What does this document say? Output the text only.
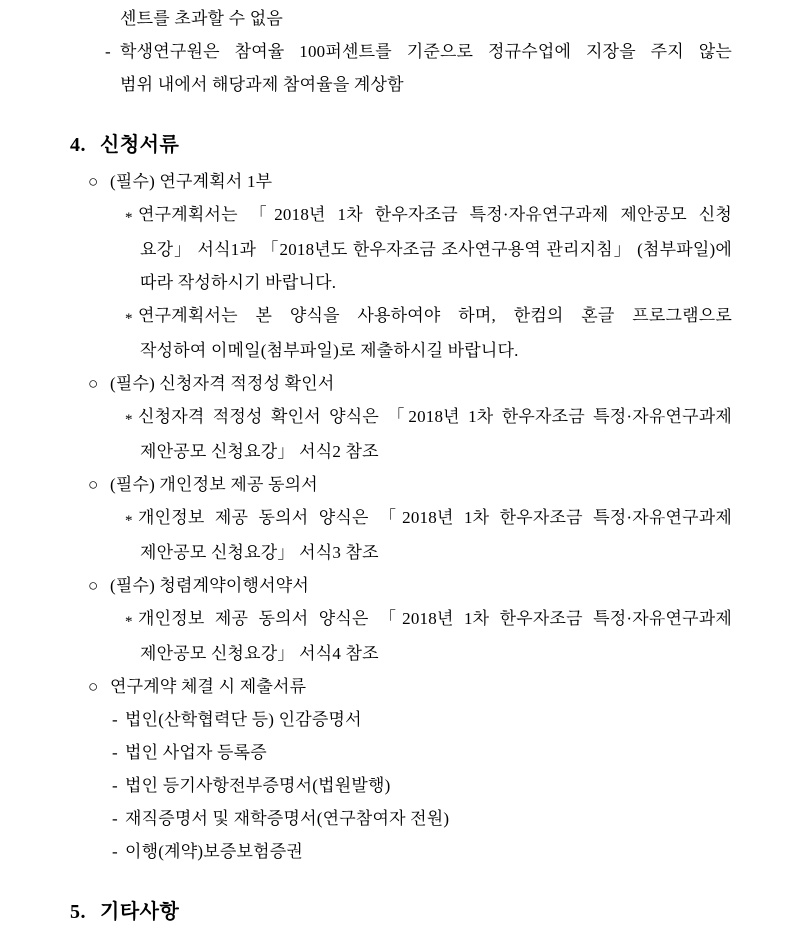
센트를 초과할 수 없음
- 학생연구원은 참여율 100퍼센트를 기준으로 정규수업에 지장을 주지 않는
범위 내에서 해당과제 참여율을 계상함
4. 신청서류
○ (필수) 연구계획서 1부
* 연구계획서는 「2018년 1차 한우자조금 특정·자유연구과제 제안공모 신청
요강」 서식1과 「2018년도 한우자조금 조사연구용역 관리지침」 (첨부파일)에
따라 작성하시기 바랍니다.
* 연구계획서는 본 양식을 사용하여야 하며, 한컴의 혼글 프로그램으로
작성하여 이메일(첨부파일)로 제출하시길 바랍니다.
○ (필수) 신청자격 적정성 확인서
* 신청자격 적정성 확인서 양식은 「2018년 1차 한우자조금 특정·자유연구과제
제안공모 신청요강」 서식2 참조
○ (필수) 개인정보 제공 동의서
* 개인정보 제공 동의서 양식은 「2018년 1차 한우자조금 특정·자유연구과제
제안공모 신청요강」 서식3 참조
○ (필수) 청렴계약이행서약서
* 개인정보 제공 동의서 양식은 「2018년 1차 한우자조금 특정·자유연구과제
제안공모 신청요강」 서식4 참조
○ 연구계약 체결 시 제출서류
- 법인(산학협력단 등) 인감증명서
- 법인 사업자 등록증
- 법인 등기사항전부증명서(법원발행)
- 재직증명서 및 재학증명서(연구참여자 전원)
- 이행(계약)보증보험증권
5. 기타사항
